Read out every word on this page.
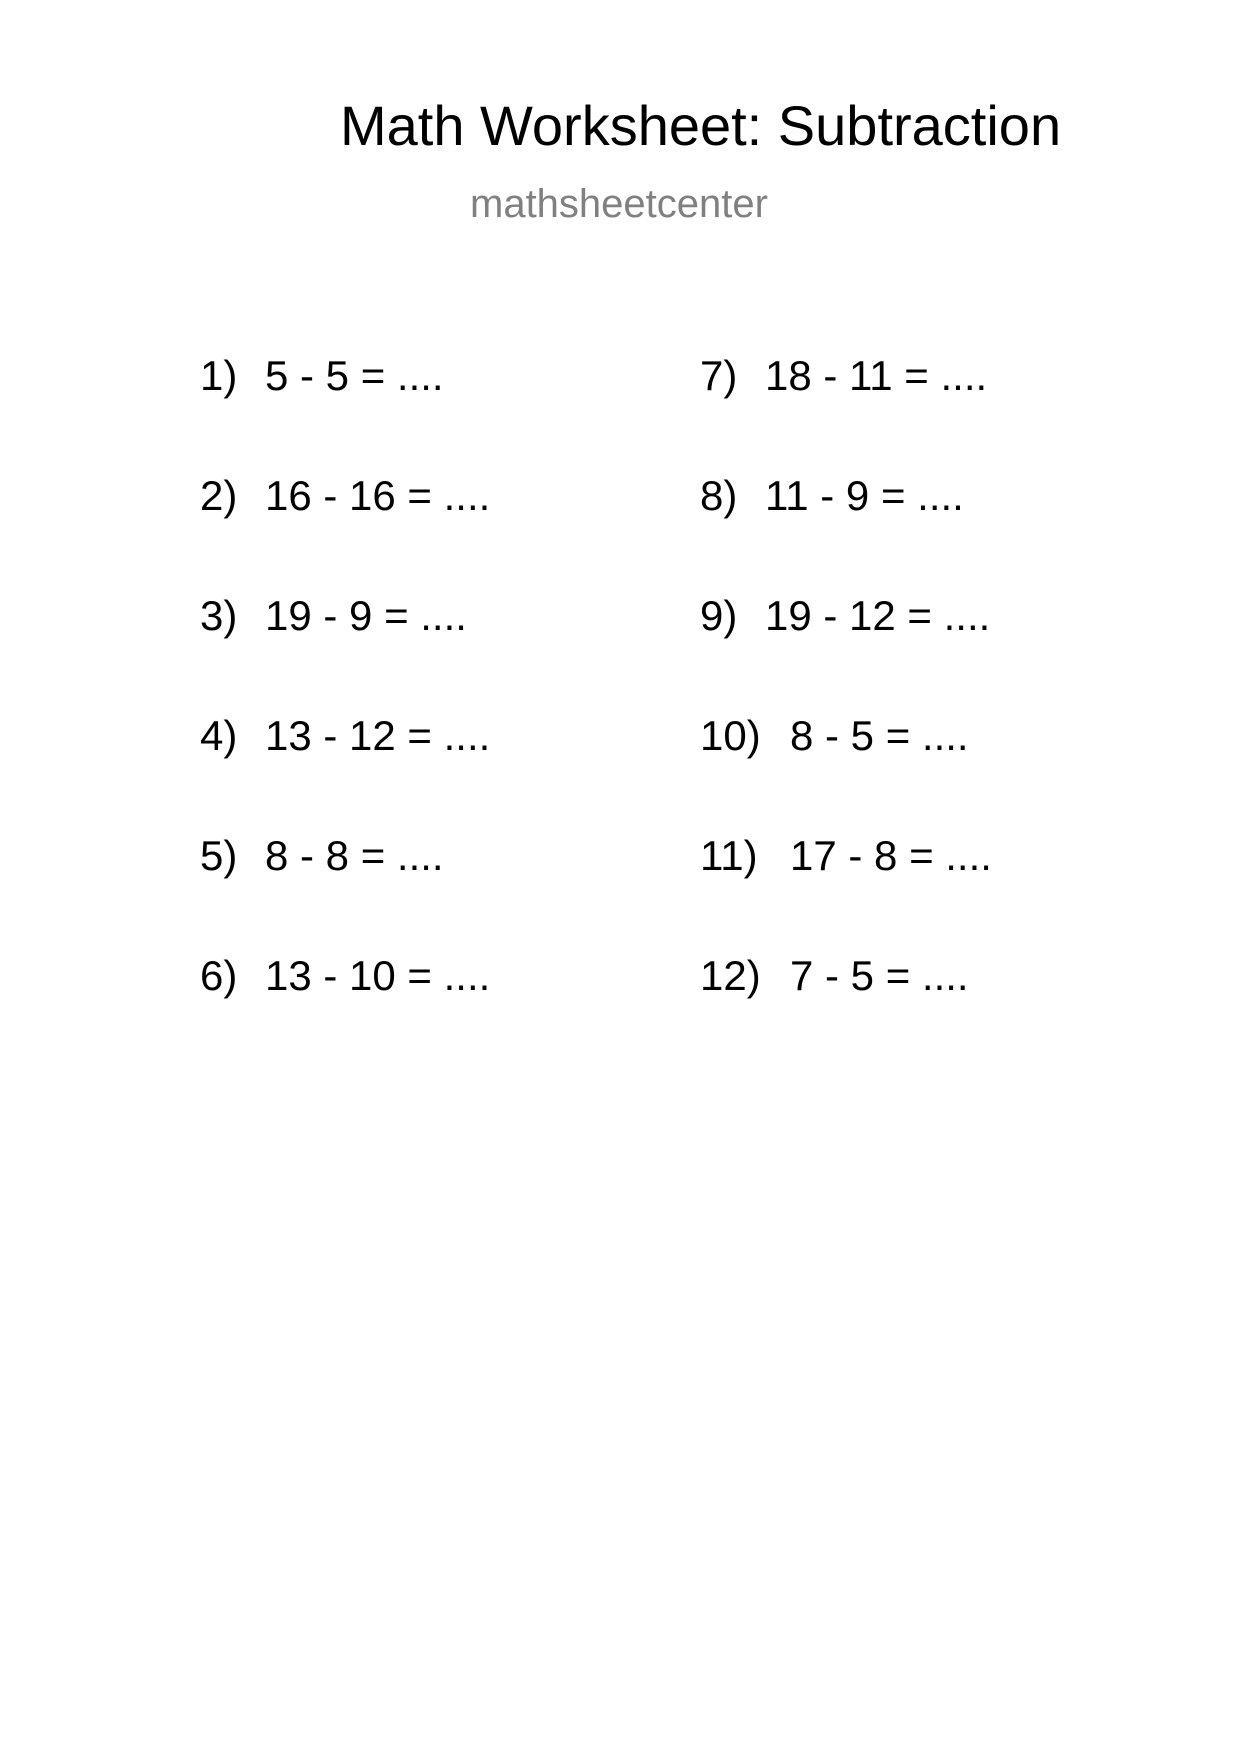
Math Worksheet: Subtraction
mathsheetcenter
1) 5 - 5 = ....
2) 16 - 16 = ....
3) 19 - 9 = ....
4) 13 - 12 = ....
5) 8 - 8 = ....
6) 13 - 10 = ....
7) 18 - 11 = ....
8) 11 - 9 = ....
9) 19 - 12 = ....
10) 8 - 5 = ....
11) 17 - 8 = ....
12) 7 - 5 = ....
